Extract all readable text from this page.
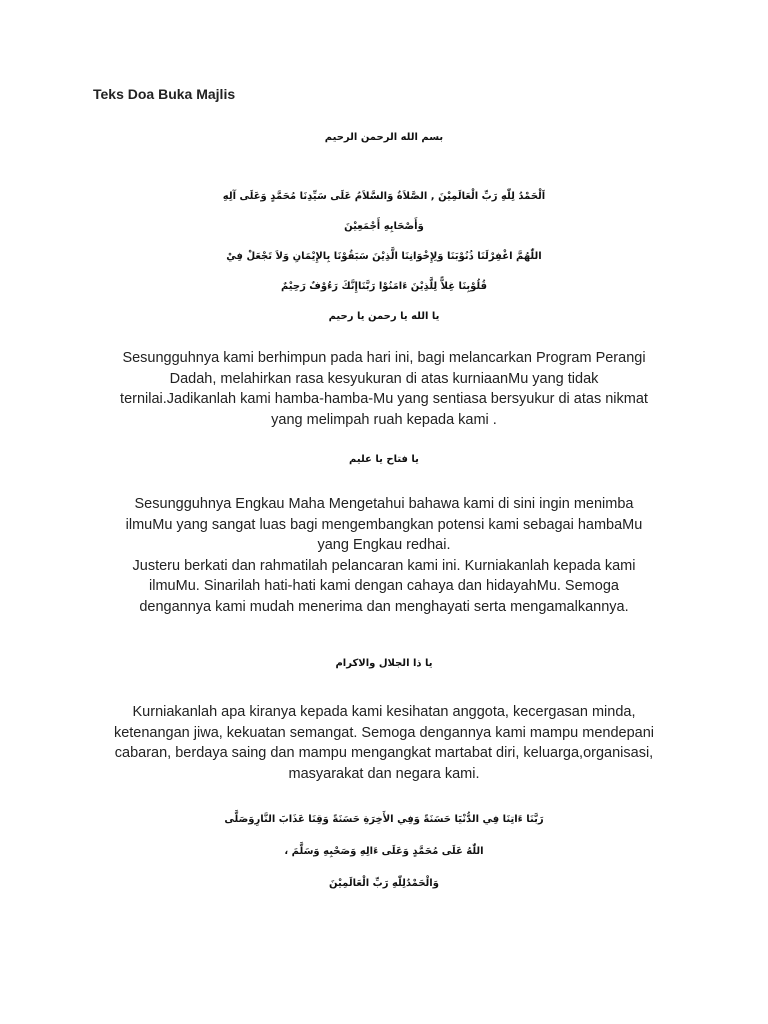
Teks Doa Buka Majlis
بسم الله الرحمن الرحيم
اَلْحَمْدُ لِلّٰهِ رَبِّ الْعَالَمِيْنَ , الصَّلاَةُ وَالسَّلاَمُ عَلَى سَيِّدِنَا مُحَمَّدٍ وَعَلَى آلِهِ
وَأَصْحَابِهِ أَجْمَعِيْنَ
اللّٰهُمَّ اغْفِرْلَنَا ذُنُوْبَنَا وَلِإِخْوَانِنَا الَّذِيْنَ سَبَقُوْنَا بِالإِيْمَانِ وَلاَ تَجْعَلْ فِيْ
قُلُوْبِنَا غِلاًّ لِلَّذِيْنَ ءَامَنُوْا رَبَّنَاإِنَّكَ رَءُوْفٌ رَحِيْمٌ
يا الله يا رحمن يا رحيم
Sesungguhnya kami berhimpun pada hari ini, bagi melancarkan Program Perangi
Dadah, melahirkan rasa kesyukuran di atas kurniaanMu yang tidak
ternilai.Jadikanlah kami hamba-hamba-Mu yang sentiasa bersyukur di atas nikmat
yang melimpah ruah kepada kami .
يا فتاح يا عليم
Sesungguhnya Engkau Maha Mengetahui bahawa kami di sini ingin menimba
ilmuMu yang sangat luas bagi mengembangkan potensi kami sebagai hambaMu
yang Engkau redhai.
Justeru berkati dan rahmatilah pelancaran kami ini. Kurniakanlah kepada kami
ilmuMu. Sinarilah hati-hati kami dengan cahaya dan hidayahMu. Semoga
dengannya kami mudah menerima dan menghayati serta mengamalkannya.
يا ذا الجلال والاكرام
Kurniakanlah apa kiranya kepada kami kesihatan anggota, kecergasan minda,
ketenangan jiwa, kekuatan semangat. Semoga dengannya kami mampu mendepani
cabaran, berdaya saing dan mampu mengangkat martabat diri, keluarga,organisasi,
masyarakat dan negara kami.
رَبَّنَا ءَاتِنَا فِي الدُّنْيَا حَسَنَةً وَفِي الأَخِرَةِ حَسَنَةً وَقِنَا عَذَابَ النَّارِوَصَلَّى
اللّٰهُ عَلَى مُحَمَّدٍ وَعَلَى ءَالِهِ وَصَحْبِهِ وَسَلَّمَ ،
وَالْحَمْدُلِلّٰهِ رَبِّ الْعَالَمِيْنَ
